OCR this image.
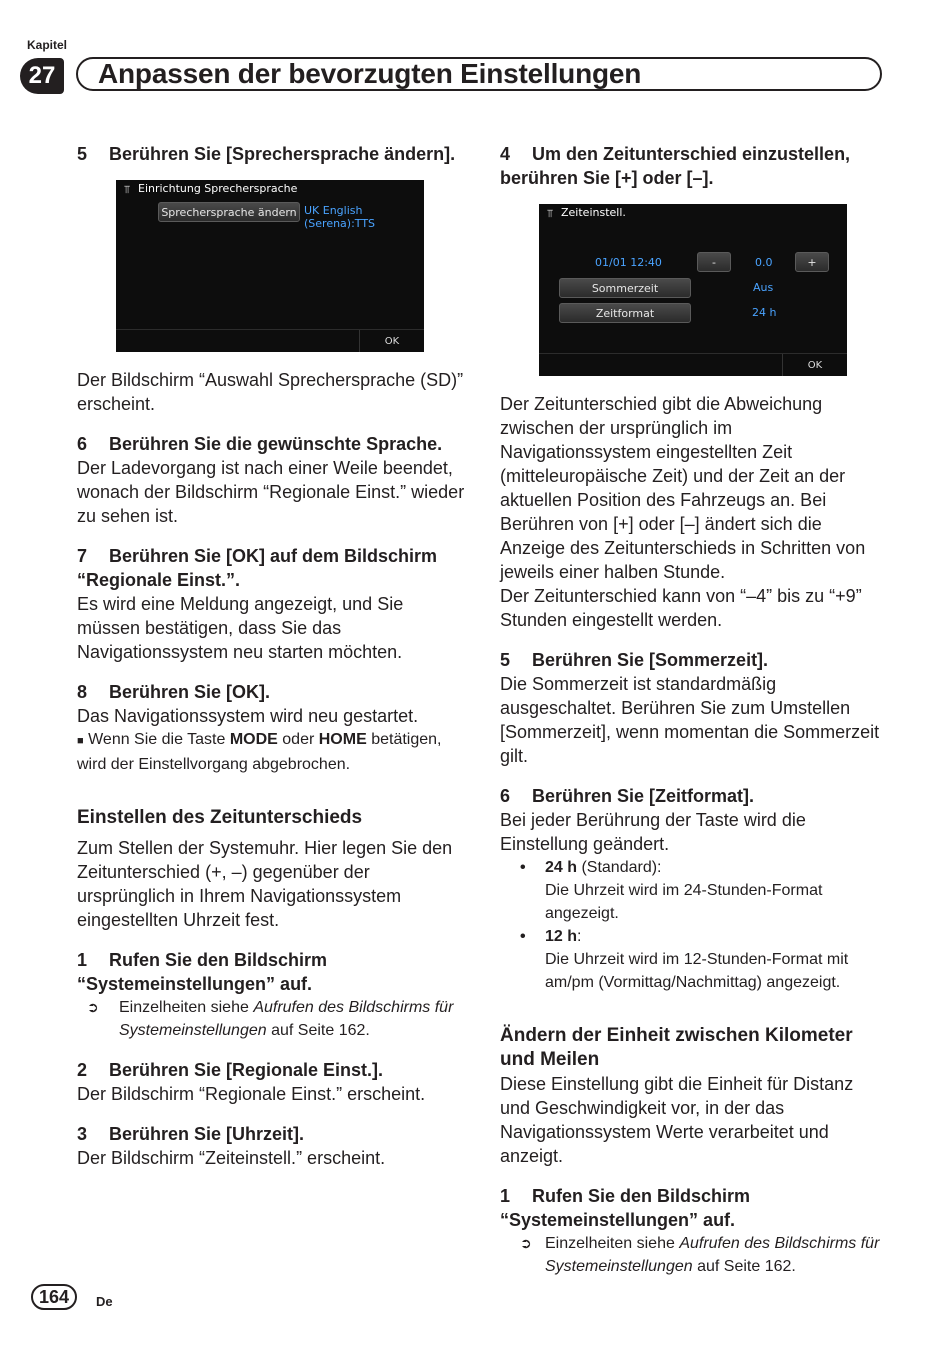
Kapitel
27	Anpassen der bevorzugten Einstellungen

5 Berühren Sie [Sprechersprache ändern].

⫪ Einrichtung Sprechersprache
Sprechersprache ändern UK English (Serena):TTS
OK

Der Bildschirm “Auswahl Sprechersprache (SD)” erscheint.

6 Berühren Sie die gewünschte Sprache.

Der Ladevorgang ist nach einer Weile beendet, wonach der Bildschirm “Regionale Einst.” wieder zu sehen ist.

7 Berühren Sie [OK] auf dem Bildschirm “Regionale Einst.”.

Es wird eine Meldung angezeigt, und Sie müssen bestätigen, dass Sie das Navigationssystem neu starten möchten.

8 Berühren Sie [OK].

Das Navigationssystem wird neu gestartet.

■ Wenn Sie die Taste MODE oder HOME betätigen, wird der Einstellvorgang abgebrochen.

Einstellen des Zeitunterschieds

Zum Stellen der Systemuhr. Hier legen Sie den Zeitunterschied (+, –) gegenüber der ursprünglich in Ihrem Navigationssystem eingestellten Uhrzeit fest.

1 Rufen Sie den Bildschirm “Systemeinstellungen” auf.

➲	Einzelheiten siehe Aufrufen des Bildschirms für Systemeinstellungen auf Seite 162.

2 Berühren Sie [Regionale Einst.].

Der Bildschirm “Regionale Einst.” erscheint.

3 Berühren Sie [Uhrzeit].

Der Bildschirm “Zeiteinstell.” erscheint.

4 Um den Zeitunterschied einzustellen, berühren Sie [+] oder [–].

⫪ Zeiteinstell.
01/01 12:40	-	0.0	+
Sommerzeit	Aus
Zeitformat	24 h
OK

Der Zeitunterschied gibt die Abweichung zwischen der ursprünglich im Navigationssystem eingestellten Zeit (mitteleuropäische Zeit) und der Zeit an der aktuellen Position des Fahrzeugs an. Bei Berühren von [+] oder [–] ändert sich die Anzeige des Zeitunterschieds in Schritten von jeweils einer halben Stunde.

Der Zeitunterschied kann von “–4” bis zu “+9” Stunden eingestellt werden.

5 Berühren Sie [Sommerzeit].

Die Sommerzeit ist standardmäßig ausgeschaltet. Berühren Sie zum Umstellen [Sommerzeit], wenn momentan die Sommerzeit gilt.

6 Berühren Sie [Zeitformat].

Bei jeder Berührung der Taste wird die Einstellung geändert.

•	24 h (Standard):
Die Uhrzeit wird im 24-Stunden-Format angezeigt.
•	12 h:
Die Uhrzeit wird im 12-Stunden-Format mit am/pm (Vormittag/Nachmittag) angezeigt.

Ändern der Einheit zwischen Kilometer und Meilen

Diese Einstellung gibt die Einheit für Distanz und Geschwindigkeit vor, in der das Navigationssystem Werte verarbeitet und anzeigt.

1 Rufen Sie den Bildschirm “Systemeinstellungen” auf.

➲ Einzelheiten siehe Aufrufen des Bildschirms für Systemeinstellungen auf Seite 162.
164	De
